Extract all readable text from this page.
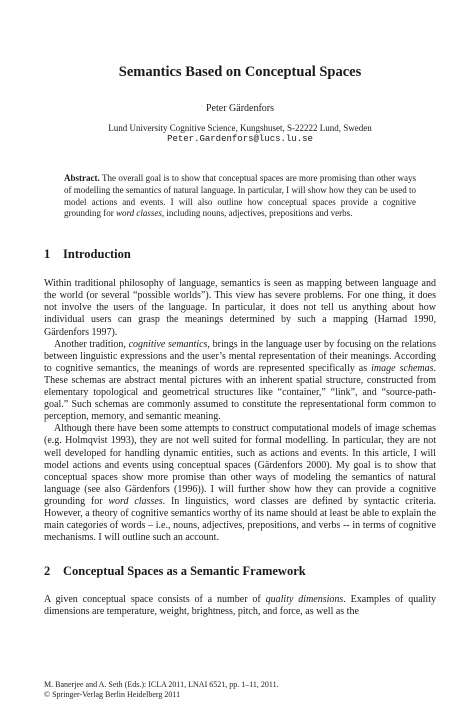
Semantics Based on Conceptual Spaces
Peter Gärdenfors
Lund University Cognitive Science, Kungshuset, S-22222 Lund, Sweden
Peter.Gardenfors@lucs.lu.se

Abstract. The overall goal is to show that conceptual spaces are more promising than other ways of modelling the semantics of natural language. In particular, I will show how they can be used to model actions and events. I will also outline how conceptual spaces provide a cognitive grounding for word classes, including nouns, adjectives, prepositions and verbs.

1 Introduction

Within traditional philosophy of language, semantics is seen as mapping between language and the world (or several “possible worlds”). This view has severe problems. For one thing, it does not involve the users of the language. In particular, it does not tell us anything about how individual users can grasp the meanings determined by such a mapping (Harnad 1990, Gärdenfors 1997).

Another tradition, cognitive semantics, brings in the language user by focusing on the relations between linguistic expressions and the user’s mental representation of their meanings. According to cognitive semantics, the meanings of words are represented specifically as image schemas. These schemas are abstract mental pictures with an inherent spatial structure, constructed from elementary topological and geometrical structures like “container,” “link”, and “source-path-goal.” Such schemas are commonly assumed to constitute the representational form common to perception, memory, and semantic meaning.

Although there have been some attempts to construct computational models of image schemas (e.g. Holmqvist 1993), they are not well suited for formal modelling. In particular, they are not well developed for handling dynamic entities, such as actions and events. In this article, I will model actions and events using conceptual spaces (Gärdenfors 2000). My goal is to show that conceptual spaces show more promise than other ways of modeling the semantics of natural language (see also Gärdenfors (1996)). I will further show how they can provide a cognitive grounding for word classes. In linguistics, word classes are defined by syntactic criteria. However, a theory of cognitive semantics worthy of its name should at least be able to explain the main categories of words – i.e., nouns, adjectives, prepositions, and verbs -- in terms of cognitive mechanisms. I will outline such an account.

2 Conceptual Spaces as a Semantic Framework

A given conceptual space consists of a number of quality dimensions. Examples of quality dimensions are temperature, weight, brightness, pitch, and force, as well as the

M. Banerjee and A. Seth (Eds.): ICLA 2011, LNAI 6521, pp. 1–11, 2011.
© Springer-Verlag Berlin Heidelberg 2011
